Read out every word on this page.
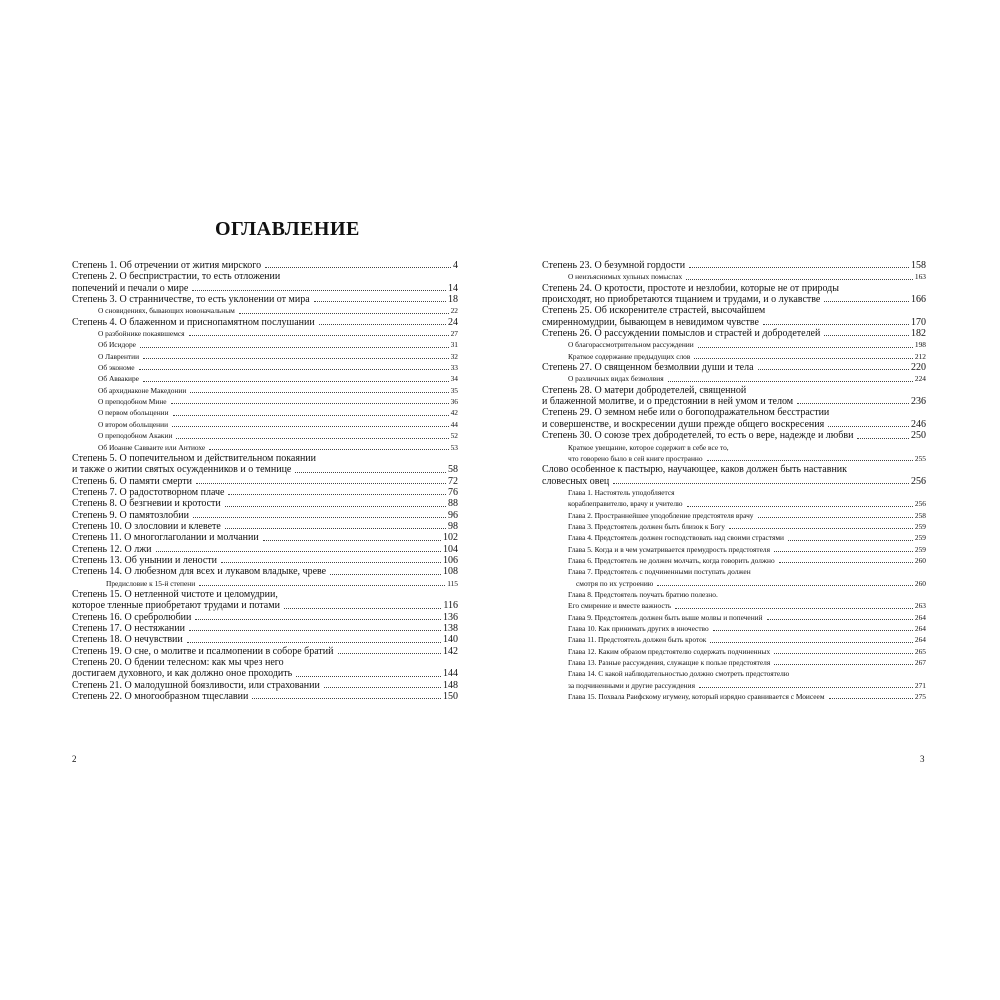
ОГЛАВЛЕНИЕ
Степень 1. Об отречении от жития мирского	4
Степень 2. О беспристрастии, то есть отложении
попечений и печали о мире	14
Степень 3. О странничестве, то есть уклонении от мира	18
О сновидениях, бывающих новоначальным	22
Степень 4. О блаженном и приснопамятном послушании	24
О разбойнике покаявшемся	27
Об Исидоре	31
О Лаврентии	32
Об экономе	33
Об Аввакире	34
Об архидиаконе Македонии	35
О преподобном Мине	36
О первом обольщении	42
О втором обольщении	44
О преподобном Акакии	52
Об Иоанне Савваите или Антиохе	53
Степень 5. О попечительном и действительном покаянии
и также о житии святых осужденников и о темнице	58
Степень 6. О памяти смерти	72
Степень 7. О радостотворном плаче	76
Степень 8. О безгневии и кротости	88
Степень 9. О памятозлобии	96
Степень 10. О злословии и клевете	98
Степень 11. О многоглаголании и молчании	102
Степень 12. О лжи	104
Степень 13. Об унынии и лености	106
Степень 14. О любезном для всех и лукавом владыке, чреве	108
Предисловие к 15-й степени	115
Степень 15. О нетленной чистоте и целомудрии,
которое тленные приобретают трудами и потами	116
Степень 16. О сребролюбии	136
Степень 17. О нестяжании	138
Степень 18. О нечувствии	140
Степень 19. О сне, о молитве и псалмопении в соборе братий	142
Степень 20. О бдении телесном: как мы чрез него
достигаем духовного, и как должно оное проходить	144
Степень 21. О малодушной боязливости, или страховании	148
Степень 22. О многообразном тщеславии	150
2
Степень 23. О безумной гордости	158
О неизъяснимых хульных помыслах	163
Степень 24. О кротости, простоте и незлобии, которые не от природы
происходят, но приобретаются тщанием и трудами, и о лукавстве	166
Степень 25. Об искоренителе страстей, высочайшем
смиренномудрии, бывающем в невидимом чувстве	170
Степень 26. О рассуждении помыслов и страстей и добродетелей	182
О благорассмотрительном рассуждении	198
Краткое содержание предыдущих слов	212
Степень 27. О священном безмолвии души и тела	220
О различных видах безмолвия	224
Степень 28. О матери добродетелей, священной
и блаженной молитве, и о предстоянии в ней умом и телом	236
Степень 29. О земном небе или о богоподражательном бесстрастии
и совершенстве, и воскресении души прежде общего воскресения	246
Степень 30. О союзе трех добродетелей, то есть о вере, надежде и любви	250
Краткое увещание, которое содержит в себе все то,
что говорено было в сей книге пространно	255
Слово особенное к пастырю, научающее, каков должен быть наставник
словесных овец	256
Глава 1. Настоятель уподобляется
кораблеправителю, врачу и учителю	256
Глава 2. Пространнейшее уподобление предстоятеля врачу	258
Глава 3. Предстоятель должен быть близок к Богу	259
Глава 4. Предстоятель должен господствовать над своими страстями	259
Глава 5. Когда и в чем усматривается премудрость предстоятеля	259
Глава 6. Предстоятель не должен молчать, когда говорить должно	260
Глава 7. Предстоятель с подчиненными поступать должен
смотря по их устроению	260
Глава 8. Предстоятель поучать братию полезно.
Его смирение и вместе важность	263
Глава 9. Предстоятель должен быть выше молвы и попечений	264
Глава 10. Как принимать других в иночество	264
Глава 11. Предстоятель должен быть кроток	264
Глава 12. Каким образом предстоятелю содержать подчиненных	265
Глава 13. Разные рассуждения, служащие к пользе предстоятеля	267
Глава 14. С какой наблюдательностью должно смотреть предстоятелю
за подчиненными и другие рассуждения	271
Глава 15. Похвала Раифскому игумену, который изрядно сравнивается с Моисеем	275
3
